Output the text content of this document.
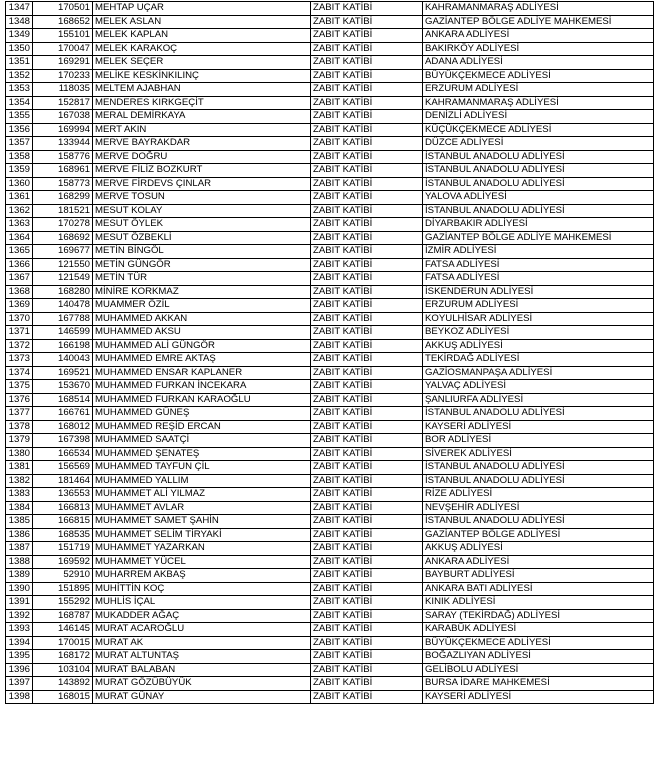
1347	170501	MEHTAP UÇAR	ZABIT KATİBİ	KAHRAMANMARAŞ ADLİYESİ
1348	168652	MELEK ASLAN	ZABIT KATİBİ	GAZİANTEP BÖLGE ADLİYE MAHKEMESİ
1349	155101	MELEK KAPLAN	ZABIT KATİBİ	ANKARA ADLİYESİ
1350	170047	MELEK KARAKOÇ	ZABIT KATİBİ	BAKIRKÖY ADLİYESİ
1351	169291	MELEK SEÇER	ZABIT KATİBİ	ADANA ADLİYESİ
1352	170233	MELİKE KESKİNKILINÇ	ZABIT KATİBİ	BÜYÜKÇEKMECE ADLİYESİ
1353	118035	MELTEM AJABHAN	ZABIT KATİBİ	ERZURUM ADLİYESİ
1354	152817	MENDERES KIRKGEÇİT	ZABIT KATİBİ	KAHRAMANMARAŞ ADLİYESİ
1355	167038	MERAL DEMİRKAYA	ZABIT KATİBİ	DENİZLİ ADLİYESİ
1356	169994	MERT AKIN	ZABIT KATİBİ	KÜÇÜKÇEKMECE ADLİYESİ
1357	133944	MERVE BAYRAKDAR	ZABIT KATİBİ	DÜZCE ADLİYESİ
1358	158776	MERVE DOĞRU	ZABIT KATİBİ	İSTANBUL ANADOLU ADLİYESİ
1359	168961	MERVE FİLİZ BOZKURT	ZABIT KATİBİ	İSTANBUL ANADOLU ADLİYESİ
1360	158773	MERVE FİRDEVS ÇINLAR	ZABIT KATİBİ	İSTANBUL ANADOLU ADLİYESİ
1361	168299	MERVE TOSUN	ZABIT KATİBİ	YALOVA ADLİYESİ
1362	181521	MESUT KOLAY	ZABIT KATİBİ	İSTANBUL ANADOLU ADLİYESİ
1363	170278	MESUT ÖYLEK	ZABIT KATİBİ	DİYARBAKIR ADLİYESİ
1364	168692	MESUT ÖZBEKLİ	ZABIT KATİBİ	GAZİANTEP BÖLGE ADLİYE MAHKEMESİ
1365	169677	METİN BİNGÖL	ZABIT KATİBİ	İZMİR ADLİYESİ
1366	121550	METİN GÜNGÖR	ZABIT KATİBİ	FATSA ADLİYESİ
1367	121549	METİN TÜR	ZABIT KATİBİ	FATSA ADLİYESİ
1368	168280	MİNİRE KORKMAZ	ZABIT KATİBİ	İSKENDERUN ADLİYESİ
1369	140478	MUAMMER ÖZİL	ZABIT KATİBİ	ERZURUM ADLİYESİ
1370	167788	MUHAMMED AKKAN	ZABIT KATİBİ	KOYULHİSAR ADLİYESİ
1371	146599	MUHAMMED AKSU	ZABIT KATİBİ	BEYKOZ ADLİYESİ
1372	166198	MUHAMMED ALİ GÜNGÖR	ZABIT KATİBİ	AKKUŞ ADLİYESİ
1373	140043	MUHAMMED EMRE AKTAŞ	ZABIT KATİBİ	TEKİRDAĞ ADLİYESİ
1374	169521	MUHAMMED ENSAR KAPLANER	ZABIT KATİBİ	GAZİOSMANPAŞA ADLİYESİ
1375	153670	MUHAMMED FURKAN İNCEKARA	ZABIT KATİBİ	YALVAÇ ADLİYESİ
1376	168514	MUHAMMED FURKAN KARAOĞLU	ZABIT KATİBİ	ŞANLIURFA ADLİYESİ
1377	166761	MUHAMMED GÜNEŞ	ZABIT KATİBİ	İSTANBUL ANADOLU ADLİYESİ
1378	168012	MUHAMMED REŞİD ERCAN	ZABIT KATİBİ	KAYSERİ ADLİYESİ
1379	167398	MUHAMMED SAATÇİ	ZABIT KATİBİ	BOR ADLİYESİ
1380	166534	MUHAMMED ŞENATEŞ	ZABIT KATİBİ	SİVEREK ADLİYESİ
1381	156569	MUHAMMED TAYFUN ÇİL	ZABIT KATİBİ	İSTANBUL ANADOLU ADLİYESİ
1382	181464	MUHAMMED YALLIM	ZABIT KATİBİ	İSTANBUL ANADOLU ADLİYESİ
1383	136553	MUHAMMET ALİ YILMAZ	ZABIT KATİBİ	RİZE ADLİYESİ
1384	166813	MUHAMMET AVLAR	ZABIT KATİBİ	NEVŞEHİR ADLİYESİ
1385	166815	MUHAMMET SAMET ŞAHİN	ZABIT KATİBİ	İSTANBUL ANADOLU ADLİYESİ
1386	168535	MUHAMMET SELİM TİRYAKİ	ZABIT KATİBİ	GAZİANTEP BÖLGE ADLİYESİ
1387	151719	MUHAMMET YAZARKAN	ZABIT KATİBİ	AKKUŞ ADLİYESİ
1388	169592	MUHAMMET YÜCEL	ZABIT KATİBİ	ANKARA ADLİYESİ
1389	52910	MUHARREM AKBAŞ	ZABIT KATİBİ	BAYBURT ADLİYESİ
1390	151895	MUHİTTİN KOÇ	ZABIT KATİBİ	ANKARA BATI ADLİYESİ
1391	155292	MUHLİS İÇAL	ZABIT KATİBİ	KINIK ADLİYESİ
1392	168787	MUKADDER AĞAÇ	ZABIT KATİBİ	SARAY (TEKİRDAĞ) ADLİYESİ
1393	146145	MURAT ACAROĞLU	ZABIT KATİBİ	KARABÜK ADLİYESİ
1394	170015	MURAT AK	ZABIT KATİBİ	BÜYÜKÇEKMECE ADLİYESİ
1395	168172	MURAT ALTUNTAŞ	ZABIT KATİBİ	BOĞAZLIYAN ADLİYESİ
1396	103104	MURAT BALABAN	ZABIT KATİBİ	GELİBOLU ADLİYESİ
1397	143892	MURAT GÖZÜBÜYÜK	ZABIT KATİBİ	BURSA İDARE MAHKEMESİ
1398	168015	MURAT GÜNAY	ZABIT KATİBİ	KAYSERİ ADLİYESİ
